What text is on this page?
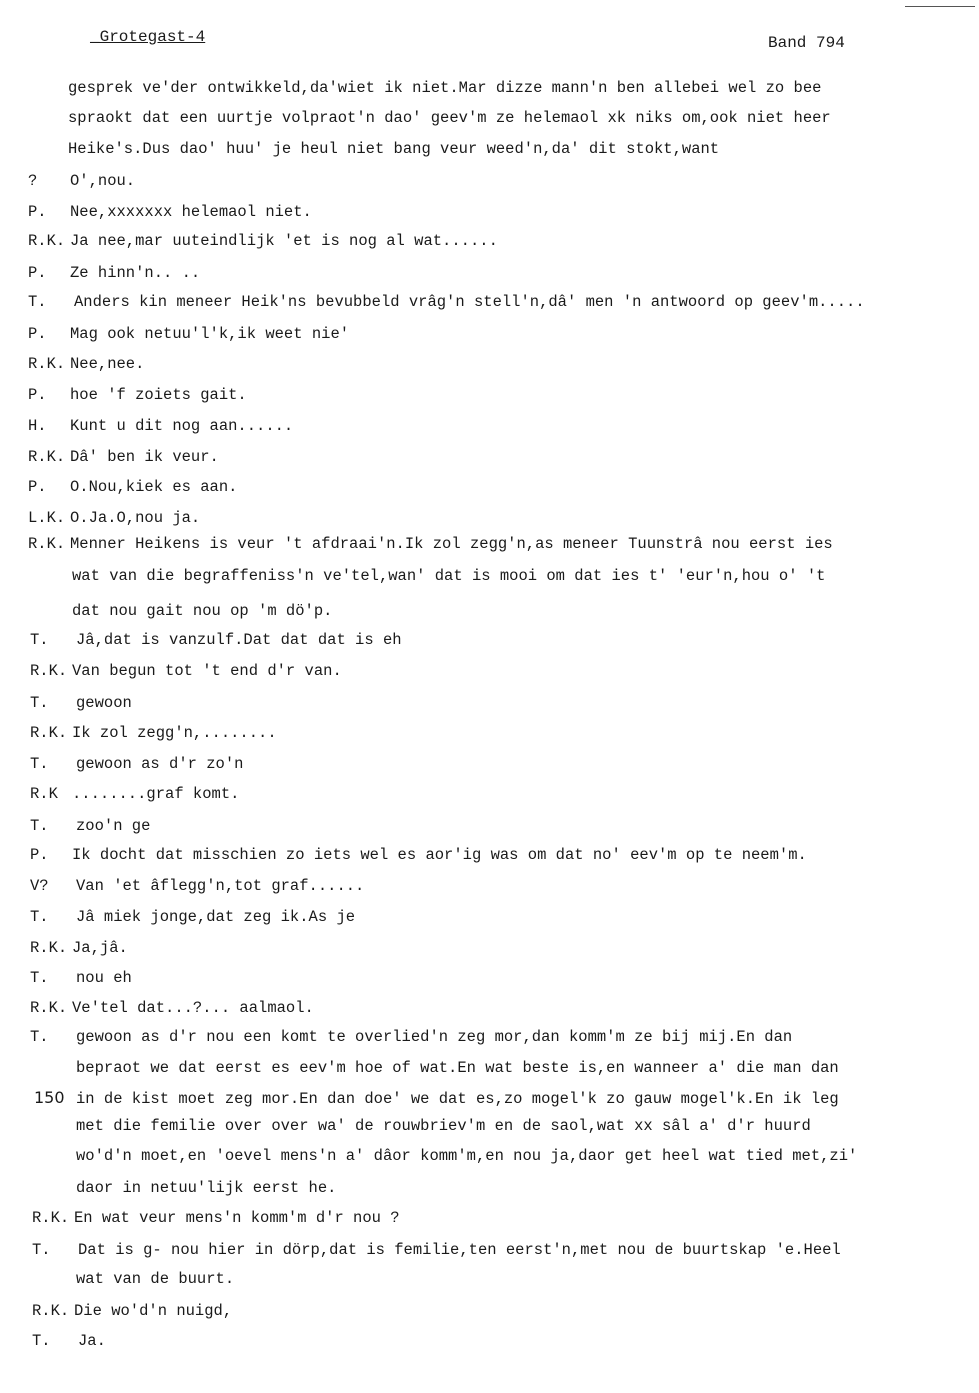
_Grotegast-4	Band 794
150
gesprek ve'der ontwikkeld,da'wiet ik niet.Mar dizze mann'n ben allebei wel zo bee
spraokt dat een uurtje volpraot'n dao' geev'm ze helemaol xk niks om,ook niet heer
Heike's.Dus dao' huu' je heul niet bang veur weed'n,da' dit stokt,want
? O',nou.
P. Nee,xxxxxxx helemaol niet.
R.K. Ja nee,mar uuteindlijk 'et is nog al wat......
P. Ze hinn'n.. ..
T. Anders kin meneer Heik'ns bevubbeld vrâg'n stell'n,dâ' men 'n antwoord op geev'm.....
P. Mag ook netuu'l'k,ik weet nie'
R.K. Nee,nee.
P. hoe 'f zoiets gait.
H. Kunt u dit nog aan......
R.K. Dâ' ben ik veur.
P. O.Nou,kiek es aan.
L.K. O.Ja.O,nou ja.
R.K. Menner Heikens is veur 't afdraai'n.Ik zol zegg'n,as meneer Tuunstrâ nou eerst ies
wat van die begraffeniss'n ve'tel,wan' dat is mooi om dat ies t' 'eur'n,hou o' 't
dat nou gait nou op 'm dö'p.
T. Jâ,dat is vanzulf.Dat dat dat is eh
R.K. Van begun tot 't end d'r van.
T. gewoon
R.K. Ik zol zegg'n,........
T. gewoon as d'r zo'n
R.K ........graf komt.
T. zoo'n ge
P. Ik docht dat misschien zo iets wel es aor'ig was om dat no' eev'm op te neem'm.
V? Van 'et âflegg'n,tot graf......
T. Jâ miek jonge,dat zeg ik.As je
R.K. Ja,jâ.
T. nou eh
R.K. Ve'tel dat...?... aalmaol.
T. gewoon as d'r nou een komt te overlied'n zeg mor,dan komm'm ze bij mij.En dan
bepraot we dat eerst es eev'm hoe of wat.En wat beste is,en wanneer a' die man dan
in de kist moet zeg mor.En dan doe' we dat es,zo mogel'k zo gauw mogel'k.En ik leg
met die femilie over over wa' de rouwbriev'm en de saol,wat xx sâl a' d'r huurd
wo'd'n moet,en 'oevel mens'n a' dâor komm'm,en nou ja,daor get heel wat tied met,zi'
daor in netuu'lijk eerst he.
R.K. En wat veur mens'n komm'm d'r nou ?
T. Dat is g- nou hier in dörp,dat is femilie,ten eerst'n,met nou de buurtskap 'e.Heel
wat van de buurt.
R.K. Die wo'd'n nuigd,
T. Ja.
